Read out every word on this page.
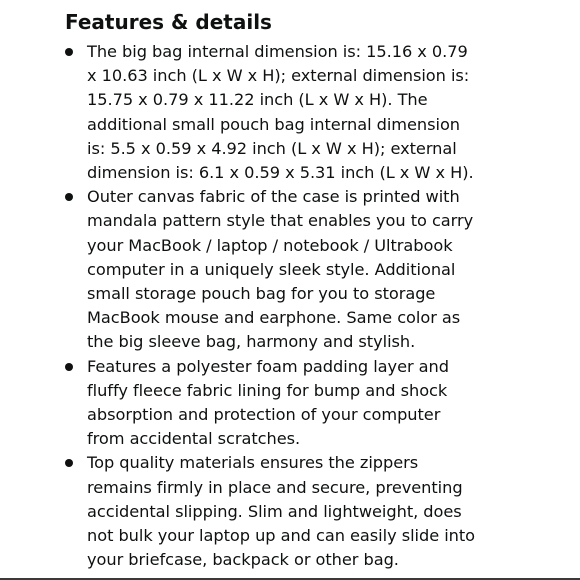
Features & details
The big bag internal dimension is: 15.16 x 0.79
x 10.63 inch (L x W x H); external dimension is:
15.75 x 0.79 x 11.22 inch (L x W x H). The
additional small pouch bag internal dimension
is: 5.5 x 0.59 x 4.92 inch (L x W x H); external
dimension is: 6.1 x 0.59 x 5.31 inch (L x W x H).
Outer canvas fabric of the case is printed with
mandala pattern style that enables you to carry
your MacBook / laptop / notebook / Ultrabook
computer in a uniquely sleek style. Additional
small storage pouch bag for you to storage
MacBook mouse and earphone. Same color as
the big sleeve bag, harmony and stylish.
Features a polyester foam padding layer and
fluffy fleece fabric lining for bump and shock
absorption and protection of your computer
from accidental scratches.
Top quality materials ensures the zippers
remains firmly in place and secure, preventing
accidental slipping. Slim and lightweight, does
not bulk your laptop up and can easily slide into
your briefcase, backpack or other bag.
